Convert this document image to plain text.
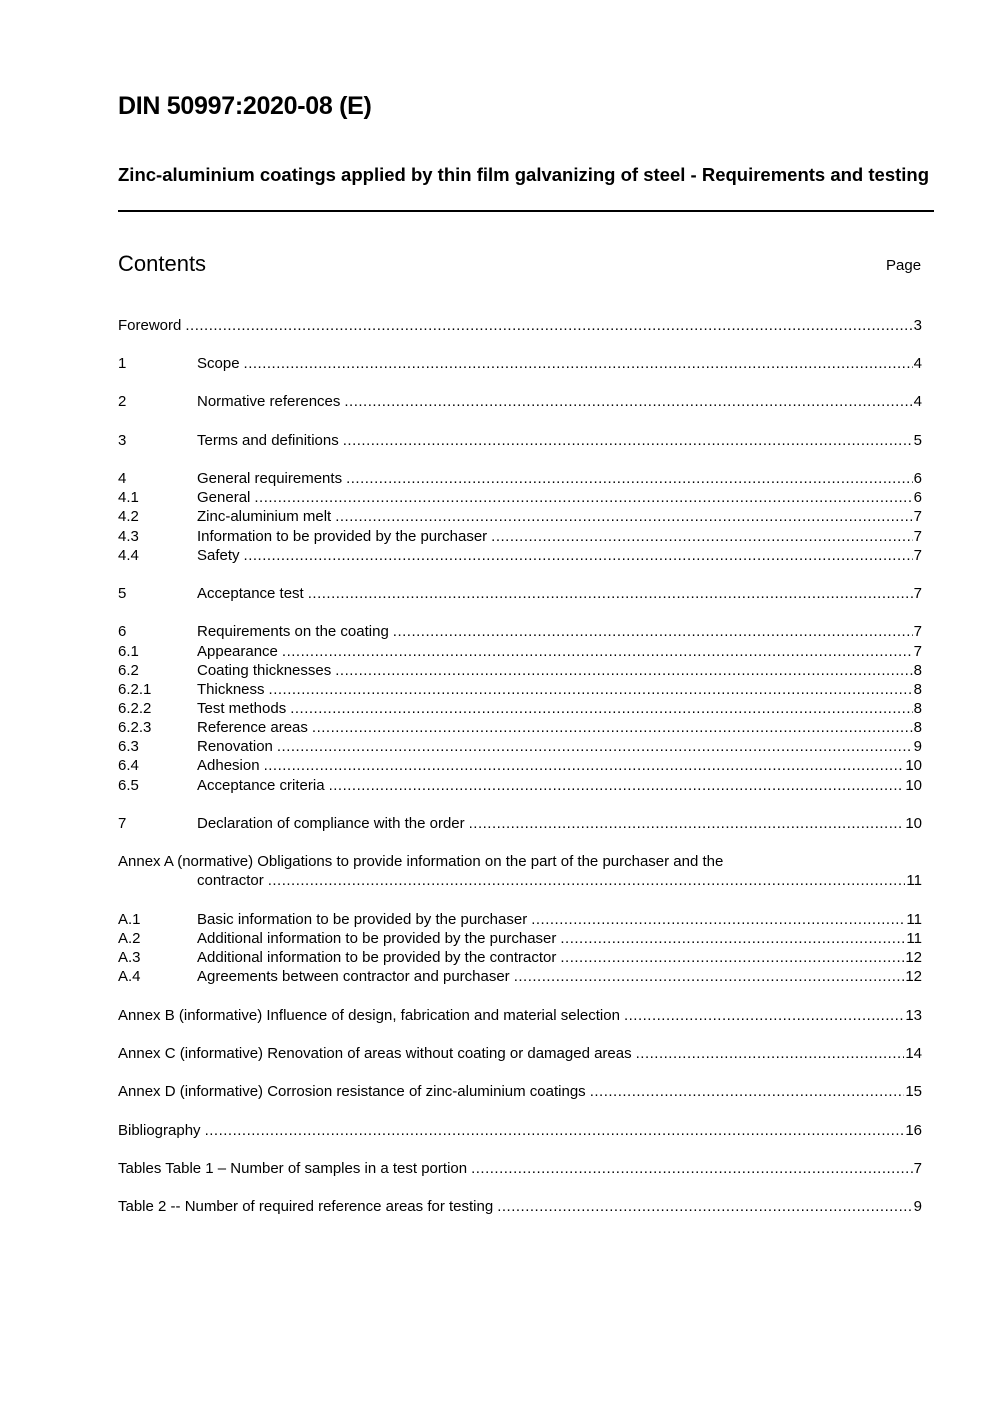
DIN 50997:2020-08 (E)
Zinc-aluminium coatings applied by thin film galvanizing of steel - Requirements and testing
Contents	Page
Foreword .....	3
1	Scope .....	4
2	Normative references .....	4
3	Terms and definitions .....	5
4	General requirements .....	6
4.1	General .....	6
4.2	Zinc-aluminium melt .....	7
4.3	Information to be provided by the purchaser .....	7
4.4	Safety .....	7
5	Acceptance test .....	7
6	Requirements on the coating .....	7
6.1	Appearance .....	7
6.2	Coating thicknesses .....	8
6.2.1	Thickness .....	8
6.2.2	Test methods .....	8
6.2.3	Reference areas .....	8
6.3	Renovation .....	9
6.4	Adhesion .....	10
6.5	Acceptance criteria .....	10
7	Declaration of compliance with the order .....	10
Annex A (normative) Obligations to provide information on the part of the purchaser and the
contractor .....	11
A.1	Basic information to be provided by the purchaser .....	11
A.2	Additional information to be provided by the purchaser .....	11
A.3	Additional information to be provided by the contractor .....	12
A.4	Agreements between contractor and purchaser .....	12
Annex B (informative) Influence of design, fabrication and material selection .....	13
Annex C (informative) Renovation of areas without coating or damaged areas .....	14
Annex D (informative) Corrosion resistance of zinc-aluminium coatings .....	15
Bibliography .....	16
Tables Table 1 – Number of samples in a test portion .....	7
Table 2 -- Number of required reference areas for testing .....	9
